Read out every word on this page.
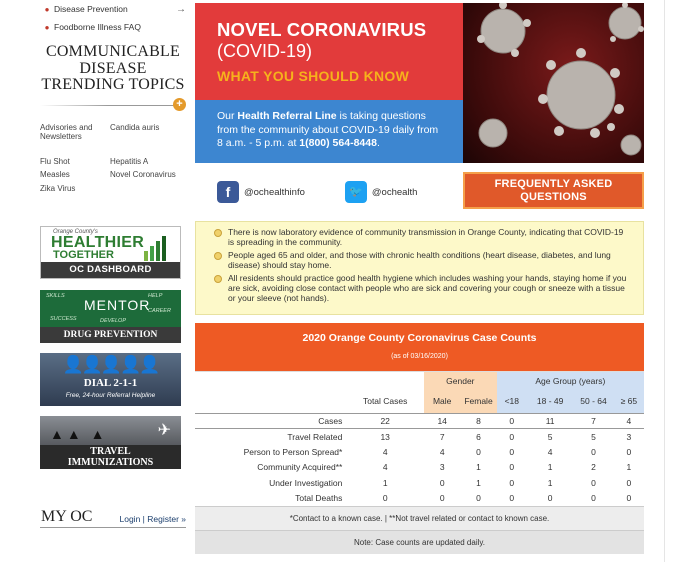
● Disease Prevention	→
● Foodborne Illness FAQ
COMMUNICABLE
DISEASE
TRENDING TOPICS
+
Advisories and Newsletters
Candida auris
Flu Shot	Hepatitis A
Measles	Novel Coronavirus
Zika Virus
Orange County's
HEALTHIER
TOGETHER
OC DASHBOARD
SKILLS	HELP
SUCCESS	DEVELOP
CAREER
MENTOR
DRUG PREVENTION
👤👤👤👤👤
DIAL 2-1-1
Free, 24-hour Referral Helpline
✈
▲▲ ▲
TRAVEL
IMMUNIZATIONS
MY OC	Login | Register »
NOVEL CORONAVIRUS
(COVID-19)
WHAT YOU SHOULD KNOW
Our Health Referral Line is taking questions from the community about COVID-19 daily from 8 a.m. - 5 p.m. at 1(800) 564-8448.
f	@ochealthinfo	🐦 @ochealth
FREQUENTLY ASKED
QUESTIONS
There is now laboratory evidence of community transmission in Orange County, indicating that COVID-19 is spreading in the community.
People aged 65 and older, and those with chronic health conditions (heart disease, diabetes, and lung disease) should stay home.
All residents should practice good health hygiene which includes washing your hands, staying home if you are sick, avoiding close contact with people who are sick and covering your cough or sneeze with a tissue or your sleeve (not hands).
2020 Orange County Coronavirus Case Counts
(as of 03/16/2020)
		Gender		Age Group (years)			
	Total Cases	Male	Female	<18	18 - 49	50 - 64	≥ 65
Cases	22	14	8	0	11	7	4
Travel Related	13	7	6	0	5	5	3
Person to Person Spread*	4	4	0	0	4	0	0
Community Acquired**	4	3	1	0	1	2	1
Under Investigation	1	0	1	0	1	0	0
Total Deaths	0	0	0	0	0	0	0
*Contact to a known case. | **Not travel related or contact to known case.
Note: Case counts are updated daily.
